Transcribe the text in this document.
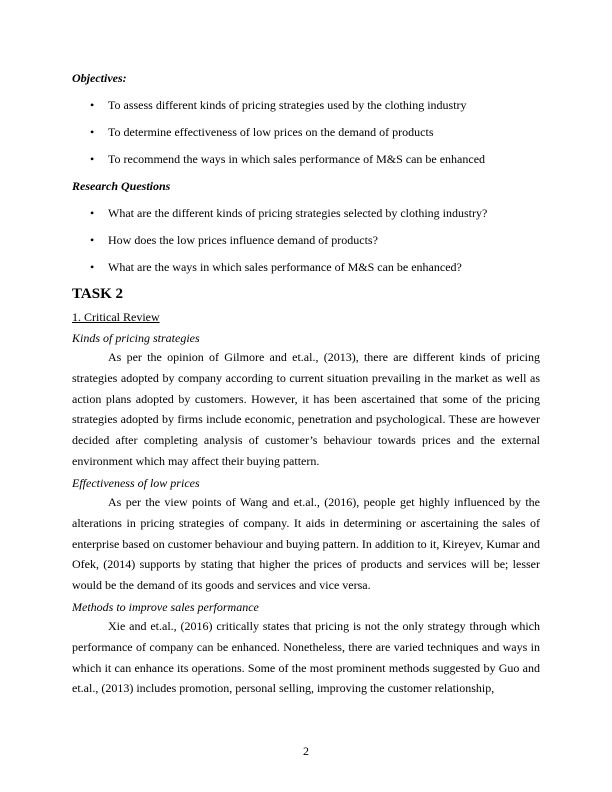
Objectives:
• To assess different kinds of pricing strategies used by the clothing industry
• To determine effectiveness of low prices on the demand of products
• To recommend the ways in which sales performance of M&S can be enhanced
Research Questions
• What are the different kinds of pricing strategies selected by clothing industry?
• How does the low prices influence demand of products?
• What are the ways in which sales performance of M&S can be enhanced?
TASK 2
1. Critical Review
Kinds of pricing strategies

As per the opinion of Gilmore and et.al., (2013), there are different kinds of pricing strategies adopted by company according to current situation prevailing in the market as well as action plans adopted by customers. However, it has been ascertained that some of the pricing strategies adopted by firms include economic, penetration and psychological. These are however decided after completing analysis of customer’s behaviour towards prices and the external environment which may affect their buying pattern.

Effectiveness of low prices

As per the view points of Wang and et.al., (2016), people get highly influenced by the alterations in pricing strategies of company. It aids in determining or ascertaining the sales of enterprise based on customer behaviour and buying pattern. In addition to it, Kireyev, Kumar and Ofek, (2014) supports by stating that higher the prices of products and services will be; lesser would be the demand of its goods and services and vice versa.

Methods to improve sales performance

Xie and et.al., (2016) critically states that pricing is not the only strategy through which performance of company can be enhanced. Nonetheless, there are varied techniques and ways in which it can enhance its operations. Some of the most prominent methods suggested by Guo and et.al., (2013) includes promotion, personal selling, improving the customer relationship,

2
